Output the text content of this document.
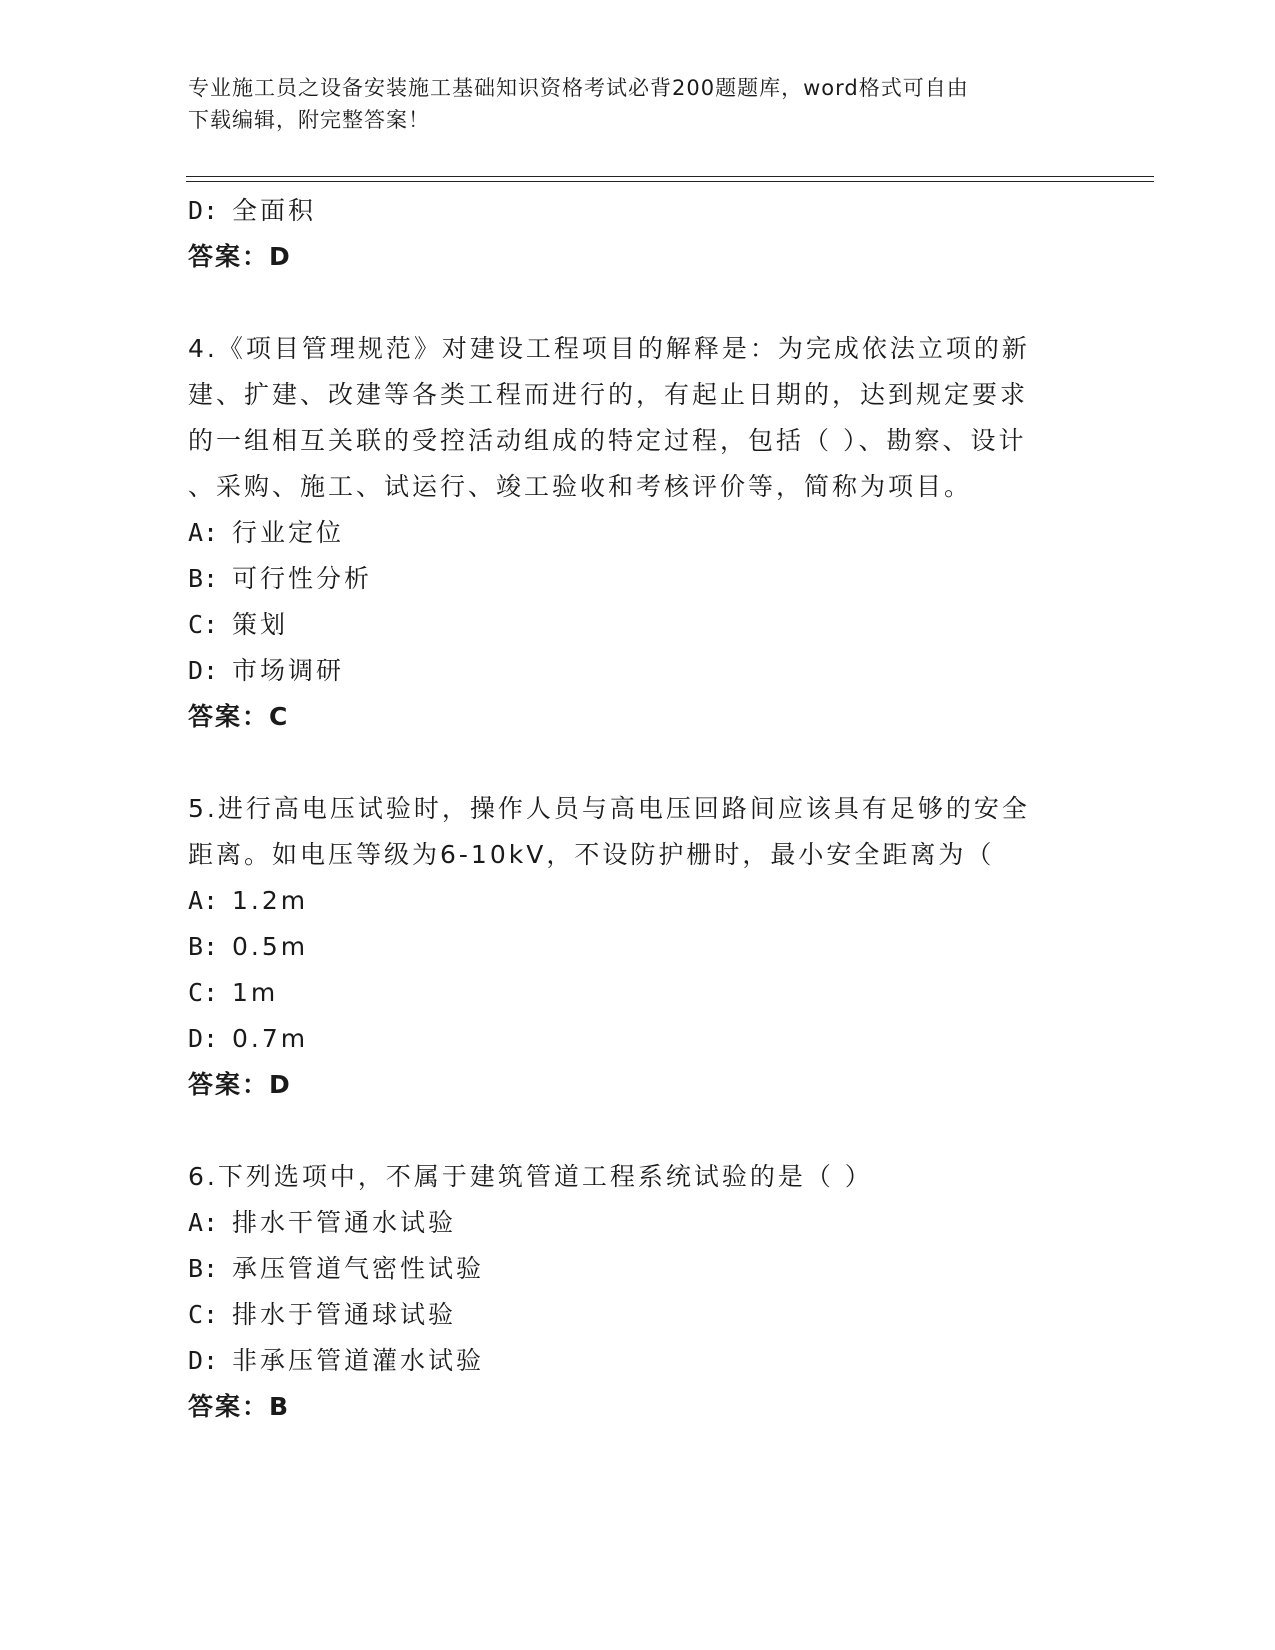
专业施工员之设备安装施工基础知识资格考试必背200题题库，word格式可自由
下载编辑，附完整答案！
D: 全面积
答案：D
4.《项目管理规范》对建设工程项目的解释是：为完成依法立项的新
建、扩建、改建等各类工程而进行的，有起止日期的，达到规定要求
的一组相互关联的受控活动组成的特定过程，包括（ ）、勘察、设计
、采购、施工、试运行、竣工验收和考核评价等，简称为项目。
A: 行业定位
B: 可行性分析
C: 策划
D: 市场调研
答案：C
5.进行高电压试验时，操作人员与高电压回路间应该具有足够的安全
距离。如电压等级为6-10kV，不设防护栅时，最小安全距离为（
A: 1.2m
B: 0.5m
C: 1m
D: 0.7m
答案：D
6.下列选项中，不属于建筑管道工程系统试验的是（ ）
A: 排水干管通水试验
B: 承压管道气密性试验
C: 排水于管通球试验
D: 非承压管道灌水试验
答案：B
